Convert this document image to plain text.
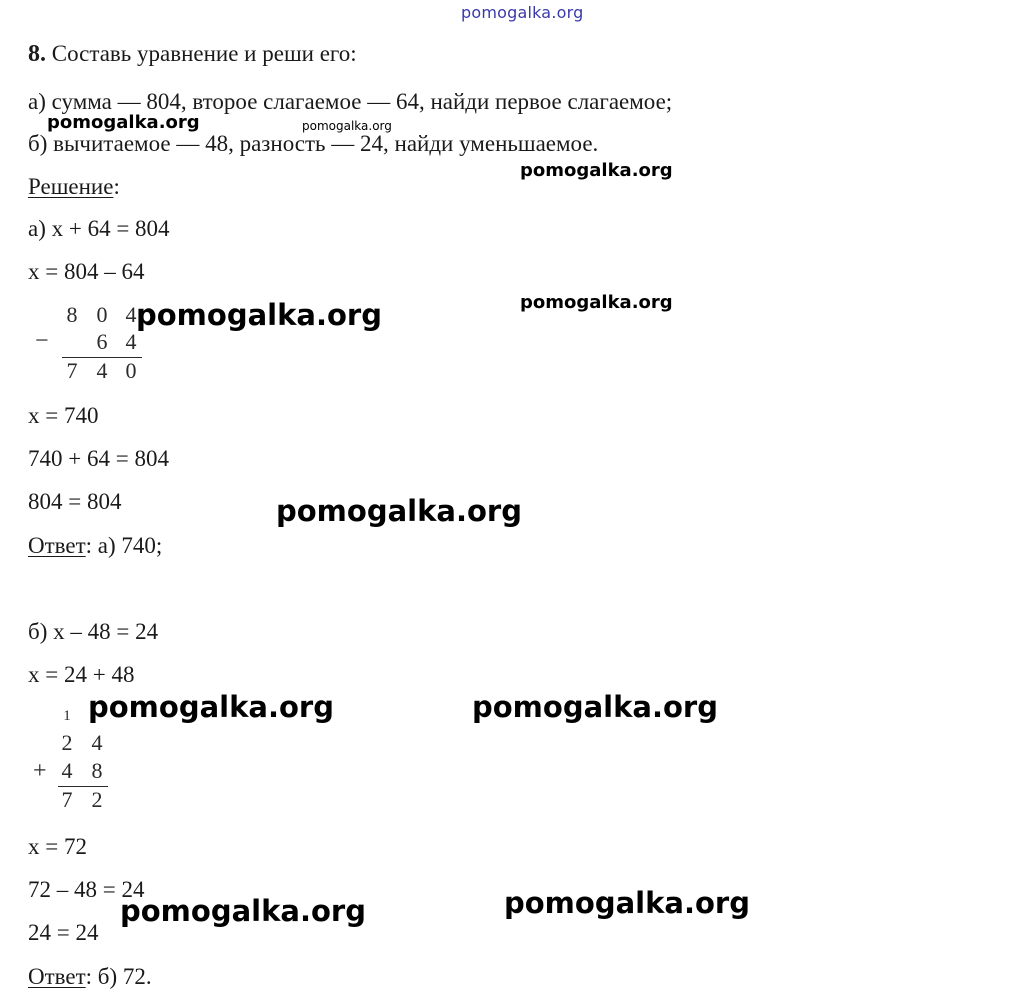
pomogalka.org
8. Составь уравнение и реши его:
а) сумма — 804, второе слагаемое — 64, найди первое слагаемое;
б) вычитаемое — 48, разность — 24, найди уменьшаемое.
Решение:
а) x + 64 = 804
x = 804 – 64
−
8 0 4
6 4
7 4 0
x = 740
740 + 64 = 804
804 = 804
Ответ: а) 740;
б) x – 48 = 24
x = 24 + 48
1
2 4
+ 4 8
7 2
x = 72
72 – 48 = 24
24 = 24
Ответ: б) 72.
pomogalka.org	pomogalka.org
pomogalka.org
pomogalka.org
pomogalka.org
pomogalka.org
pomogalka.org	pomogalka.org
pomogalka.org
pomogalka.org
